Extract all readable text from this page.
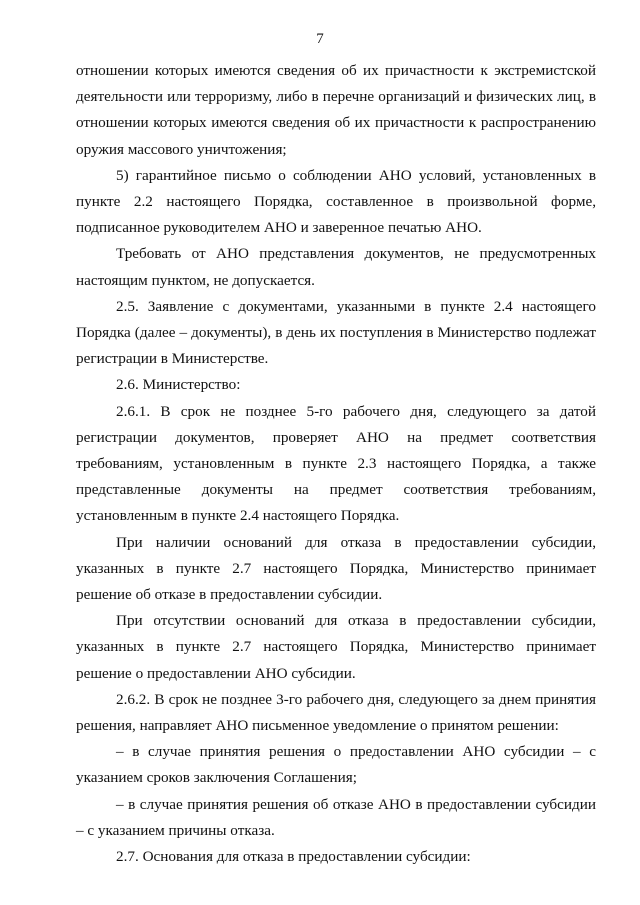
7

отношении которых имеются сведения об их причастности к экстремистской деятельности или терроризму, либо в перечне организаций и физических лиц, в отношении которых имеются сведения об их причастности к распространению оружия массового уничтожения;

5) гарантийное письмо о соблюдении АНО условий, установленных в пункте 2.2 настоящего Порядка, составленное в произвольной форме, подписанное руководителем АНО и заверенное печатью АНО.

Требовать от АНО представления документов, не предусмотренных настоящим пунктом, не допускается.

2.5. Заявление с документами, указанными в пункте 2.4 настоящего Порядка (далее – документы), в день их поступления в Министерство подлежат регистрации в Министерстве.

2.6. Министерство:

2.6.1. В срок не позднее 5-го рабочего дня, следующего за датой регистрации документов, проверяет АНО на предмет соответствия требованиям, установленным в пункте 2.3 настоящего Порядка, а также представленные документы на предмет соответствия требованиям, установленным в пункте 2.4 настоящего Порядка.

При наличии оснований для отказа в предоставлении субсидии, указанных в пункте 2.7 настоящего Порядка, Министерство принимает решение об отказе в предоставлении субсидии.

При отсутствии оснований для отказа в предоставлении субсидии, указанных в пункте 2.7 настоящего Порядка, Министерство принимает решение о предоставлении АНО субсидии.

2.6.2. В срок не позднее 3-го рабочего дня, следующего за днем принятия решения, направляет АНО письменное уведомление о принятом решении:

– в случае принятия решения о предоставлении АНО субсидии – с указанием сроков заключения Соглашения;

– в случае принятия решения об отказе АНО в предоставлении субсидии – с указанием причины отказа.

2.7. Основания для отказа в предоставлении субсидии:
